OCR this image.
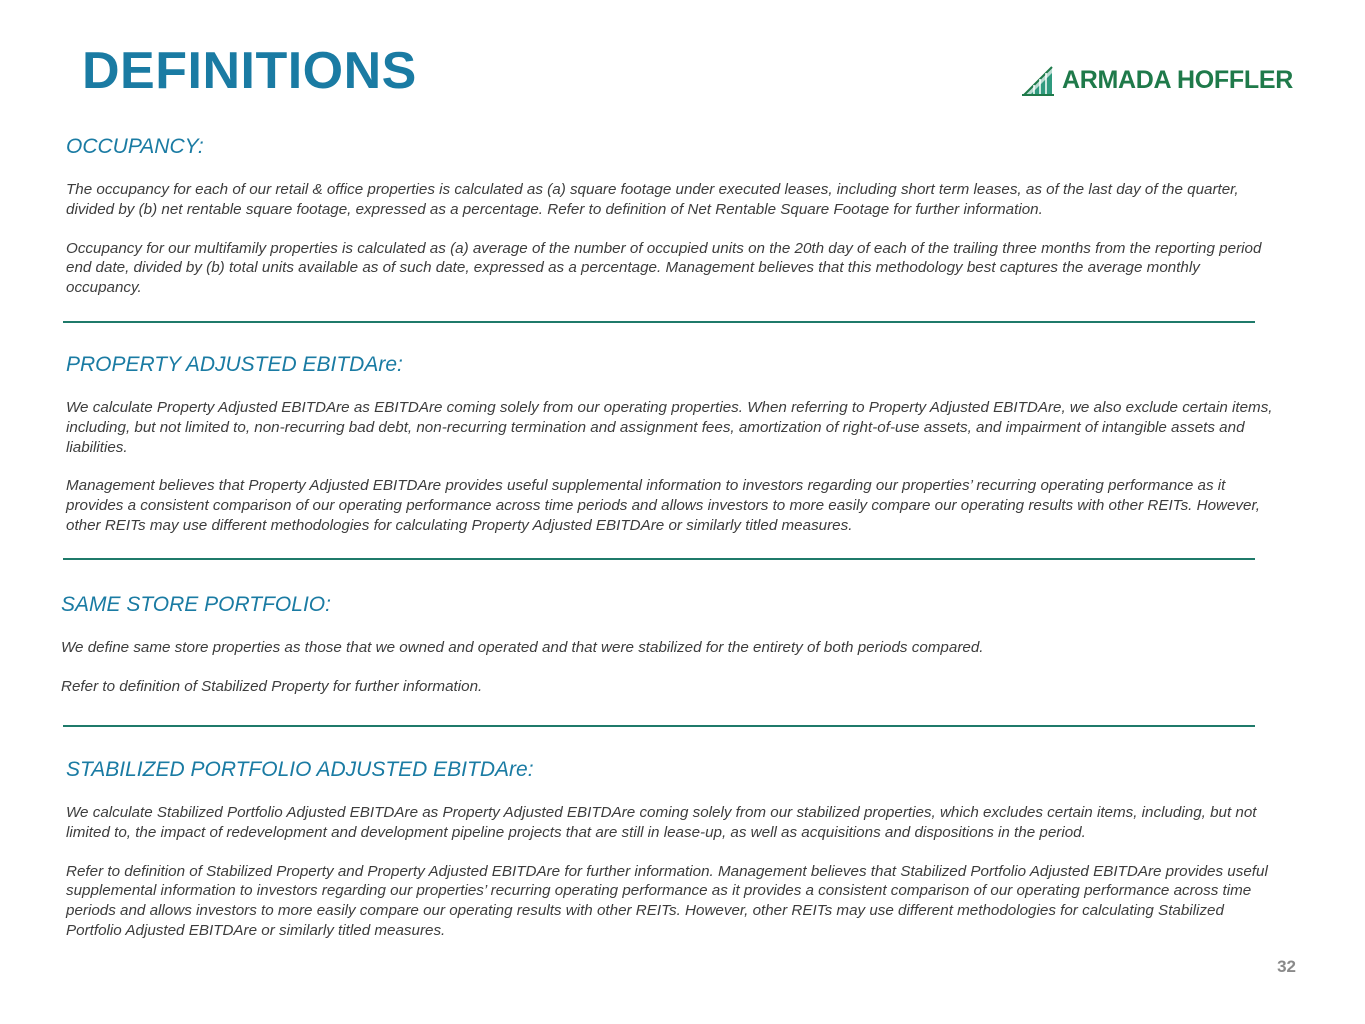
DEFINITIONS	ARMADA HOFFLER
OCCUPANCY:

The occupancy for each of our retail & office properties is calculated as (a) square footage under executed leases, including short term leases, as of the last day of the quarter, divided by (b) net rentable square footage, expressed as a percentage. Refer to definition of Net Rentable Square Footage for further information.

Occupancy for our multifamily properties is calculated as (a) average of the number of occupied units on the 20th day of each of the trailing three months from the reporting period end date, divided by (b) total units available as of such date, expressed as a percentage. Management believes that this methodology best captures the average monthly occupancy.

PROPERTY ADJUSTED EBITDAre:

We calculate Property Adjusted EBITDAre as EBITDAre coming solely from our operating properties. When referring to Property Adjusted EBITDAre, we also exclude certain items, including, but not limited to, non-recurring bad debt, non-recurring termination and assignment fees, amortization of right-of-use assets, and impairment of intangible assets and liabilities.

Management believes that Property Adjusted EBITDAre provides useful supplemental information to investors regarding our properties’ recurring operating performance as it provides a consistent comparison of our operating performance across time periods and allows investors to more easily compare our operating results with other REITs. However, other REITs may use different methodologies for calculating Property Adjusted EBITDAre or similarly titled measures.

SAME STORE PORTFOLIO:

We define same store properties as those that we owned and operated and that were stabilized for the entirety of both periods compared.

Refer to definition of Stabilized Property for further information.

STABILIZED PORTFOLIO ADJUSTED EBITDAre:

We calculate Stabilized Portfolio Adjusted EBITDAre as Property Adjusted EBITDAre coming solely from our stabilized properties, which excludes certain items, including, but not limited to, the impact of redevelopment and development pipeline projects that are still in lease-up, as well as acquisitions and dispositions in the period.

Refer to definition of Stabilized Property and Property Adjusted EBITDAre for further information. Management believes that Stabilized Portfolio Adjusted EBITDAre provides useful supplemental information to investors regarding our properties’ recurring operating performance as it provides a consistent comparison of our operating performance across time periods and allows investors to more easily compare our operating results with other REITs. However, other REITs may use different methodologies for calculating Stabilized Portfolio Adjusted EBITDAre or similarly titled measures.

32
